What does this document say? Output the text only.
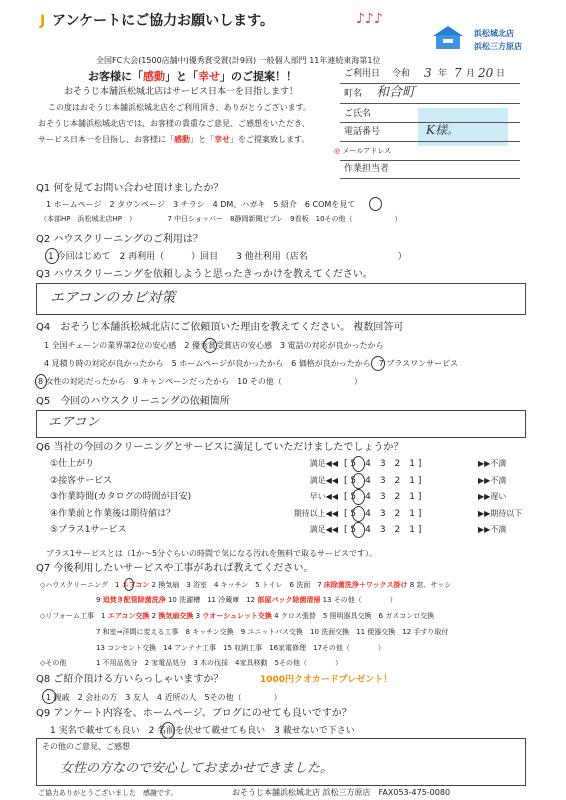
J アンケートにご協力お願いします。	♪♪♪
浜松城北店
浜松三方原店
全国FC大会(1500店舗中)優秀賞受賞(計9回) 一般個人部門 11年連続東海第1位
お客様に「感動」と「幸せ」のご提案！！
おそうじ本舗浜松城北店はサービス日本一を目指します！
この度はおそうじ本舗浜松城北店をご利用頂き、ありがとうございます。
おそうじ本舗浜松城北店では、お客様の貴重なご意見、ご感想をいただき、
サービス日本一を目指し、お客様に「感動」と「幸せ」をご提案致します。
ご利用日 令和 3 年 7 月 20 日
町名 和合町
ご氏名
電話番号	K様。
◎ メールアドレス
作業担当者
Q1 何を見てお問い合わせ頂けましたか？
1 ホームページ　2 タウンページ　3 チラシ　4 DM、ハガキ　5 紹介　6 COMを見て
（本部HP　浜松城北店HP　）　　　　　7 中日ショッパー　8静岡新聞ピプレ　9看板　10その他（　　　　　　）
Q2 ハウスクリーニングのご利用は？
1 今回はじめて　2 再利用（　　　）回目　　3 他社利用（店名　　　　　　　　　　）
Q3 ハウスクリーニングを依頼しようと思ったきっかけを教えてください。
エアコンのカビ対策
Q4　おそうじ本舗浜松城北店にご依頼頂いた理由を教えてください。 複数回答可
1 全国チェーンの業界第2位の安心感　2 優秀賞受賞店の安心感　3 電話の対応が良かったから
4 見積り時の対応が良かったから　5 ホームページが良かったから　6 価格が良かったから　7 ブラスワンサービス
8 女性の対応だったから　9 キャンペーンだったから　10 その他（　　　　　　　　　）
Q5　今回のハウスクリーニングの依頼箇所
エアコン
Q6 当社の今回のクリーニングとサービスに満足していただけましたでしょうか？
①仕上がり	満足◀◀ [ 5　4　3　2　1 ]	▶▶不満
②接客サービス	満足◀◀ [ 5　4　3　2　1 ]	▶▶不満
③作業時間(カタログの時間が目安)	早い◀◀ [ 5　4　3　2　1 ]	▶▶遅い
④作業前と作業後は期待値は？	期待以上◀◀ [ 5　4　3　2　1 ]	▶▶期待以下
⑤プラス1サービス	満足◀◀ [ 5　4　3　2　1 ]	▶▶不満
プラス1サービスとは（1か～5分ぐらいの時間で気になる汚れを無料で取るサービスです）。
Q7 今後利用したいサービスや工事があれば教えてください。
◇ハウスクリーニング　 1 エアコン 2 換気扇　3 浴室　4 キッチン　5 トイレ　6 洗面　7 床除菌洗浄＋ワックス掛け 8 窓、サッシ
9 追焚き配管除菌洗浄 10 洗濯槽　11 冷蔵庫　12 部屋パック除菌清掃 13 その他（　　　　）
◇リフォーム工事　 1 エアコン交換 2 換気扇交換 3 ウオーシュレット交換 4 クロス張替　5 照明器具交換　6 ガスコンロ交換
7 和室⇒洋間に変える工事　8 キッチン交換　9 ユニットバス交換　10 洗面交換　11 便器交換　12 手すり取付
13 コンセント交換　14 アンテナ工事　15 収納工事　16家電修理　17その他（　　　　）
◇その他	1 不用品処分　2 家電品処分　3 木の伐採　4家具移動　5その他（　　　　）
Q8 ご紹介頂ける方いらっしゃいますか？	1000円クオカードプレゼント！
1 親戚　2 会社の方　3 友人　4 近所の人　5その他（　　　　）
Q9 アンケート内容を、ホームページ、ブログにのせても良いですか？
1 実名で載せても良い　2 名前を伏せて載せても良い　3 載せないで下さい
その他のご意見、ご感想
女性の方なので安心しておまかせできました。
ご協力ありがとうございました　感謝です。	おそうじ本舗浜松城北店 浜松三方原店　FAX053-475-0080
